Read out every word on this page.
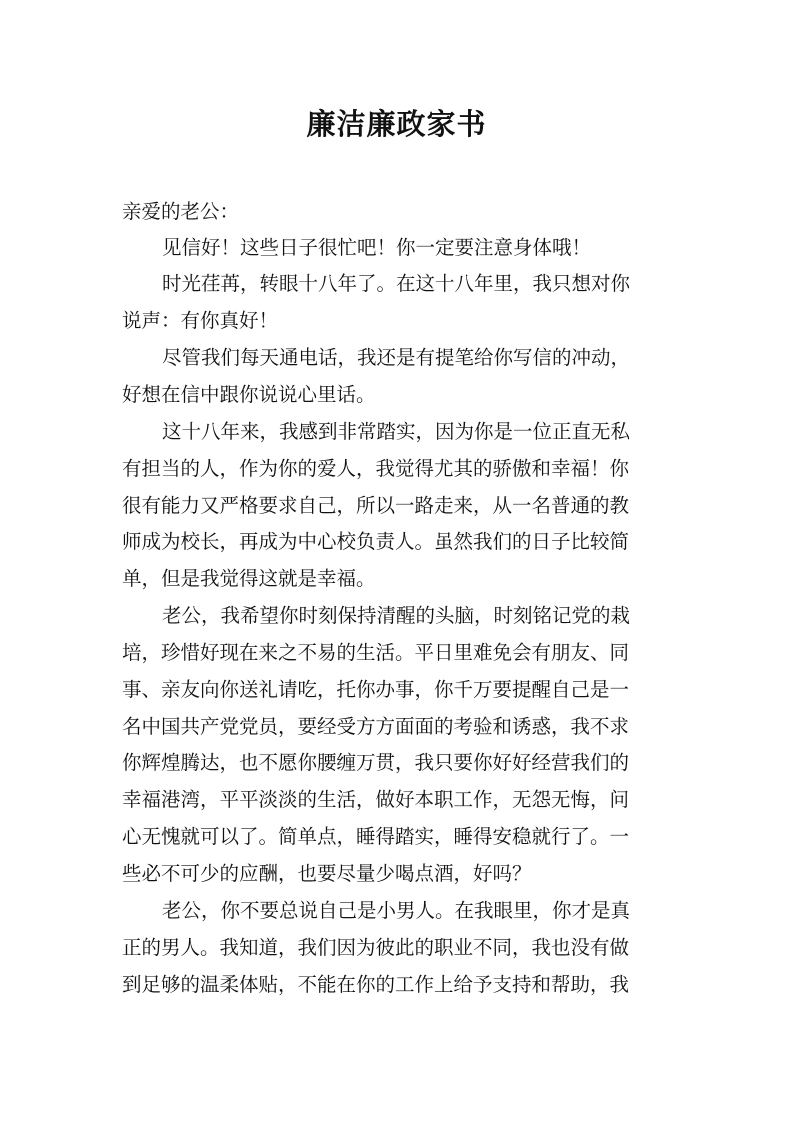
廉洁廉政家书
亲爱的老公：
见信好！这些日子很忙吧！你一定要注意身体哦！
时光荏苒，转眼十八年了。在这十八年里，我只想对你
说声：有你真好！
尽管我们每天通电话，我还是有提笔给你写信的冲动，
好想在信中跟你说说心里话。
这十八年来，我感到非常踏实，因为你是一位正直无私
有担当的人，作为你的爱人，我觉得尤其的骄傲和幸福！你
很有能力又严格要求自己，所以一路走来，从一名普通的教
师成为校长，再成为中心校负责人。虽然我们的日子比较简
单，但是我觉得这就是幸福。
老公，我希望你时刻保持清醒的头脑，时刻铭记党的栽
培，珍惜好现在来之不易的生活。平日里难免会有朋友、同
事、亲友向你送礼请吃，托你办事，你千万要提醒自己是一
名中国共产党党员，要经受方方面面的考验和诱惑，我不求
你辉煌腾达，也不愿你腰缠万贯，我只要你好好经营我们的
幸福港湾，平平淡淡的生活，做好本职工作，无怨无悔，问
心无愧就可以了。简单点，睡得踏实，睡得安稳就行了。一
些必不可少的应酬，也要尽量少喝点酒，好吗？
老公，你不要总说自己是小男人。在我眼里，你才是真
正的男人。我知道，我们因为彼此的职业不同，我也没有做
到足够的温柔体贴，不能在你的工作上给予支持和帮助，我
